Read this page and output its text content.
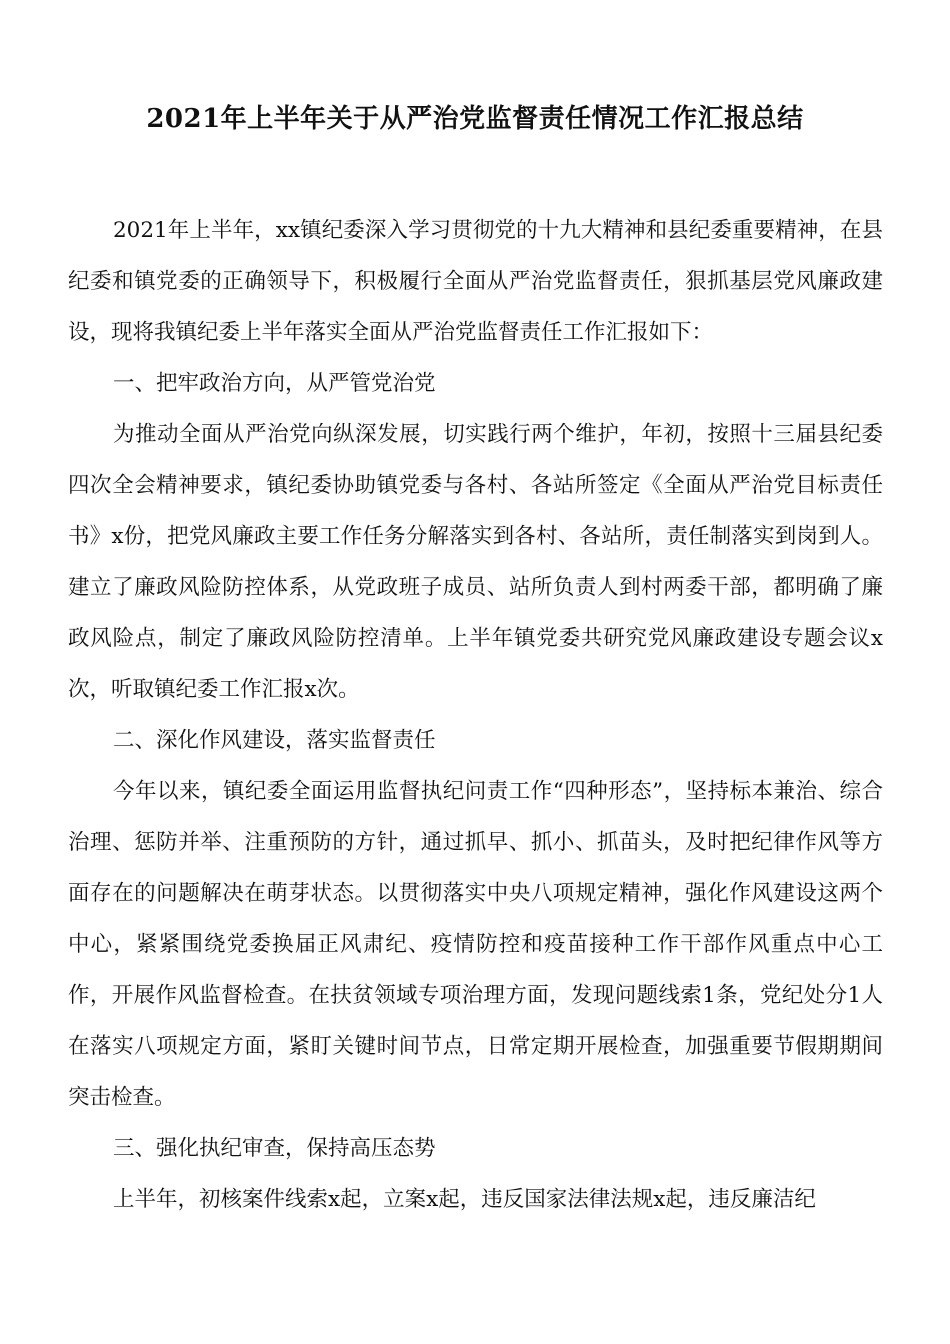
2021年上半年关于从严治党监督责任情况工作汇报总结

2021年上半年，xx镇纪委深入学习贯彻党的十九大精神和县纪委重要精神，在县纪委和镇党委的正确领导下，积极履行全面从严治党监督责任，狠抓基层党风廉政建设，现将我镇纪委上半年落实全面从严治党监督责任工作汇报如下：

一、把牢政治方向，从严管党治党

为推动全面从严治党向纵深发展，切实践行两个维护，年初，按照十三届县纪委四次全会精神要求，镇纪委协助镇党委与各村、各站所签定《全面从严治党目标责任书》x份，把党风廉政主要工作任务分解落实到各村、各站所，责任制落实到岗到人。建立了廉政风险防控体系，从党政班子成员、站所负责人到村两委干部，都明确了廉政风险点，制定了廉政风险防控清单。上半年镇党委共研究党风廉政建设专题会议x次，听取镇纪委工作汇报x次。

二、深化作风建设，落实监督责任

今年以来，镇纪委全面运用监督执纪问责工作“四种形态”，坚持标本兼治、综合治理、惩防并举、注重预防的方针，通过抓早、抓小、抓苗头，及时把纪律作风等方面存在的问题解决在萌芽状态。以贯彻落实中央八项规定精神，强化作风建设这两个中心，紧紧围绕党委换届正风肃纪、疫情防控和疫苗接种工作干部作风重点中心工作，开展作风监督检查。在扶贫领域专项治理方面，发现问题线索1条，党纪处分1人在落实八项规定方面，紧盯关键时间节点，日常定期开展检查，加强重要节假期期间突击检查。

三、强化执纪审查，保持高压态势

上半年，初核案件线索x起，立案x起，违反国家法律法规x起，违反廉洁纪
